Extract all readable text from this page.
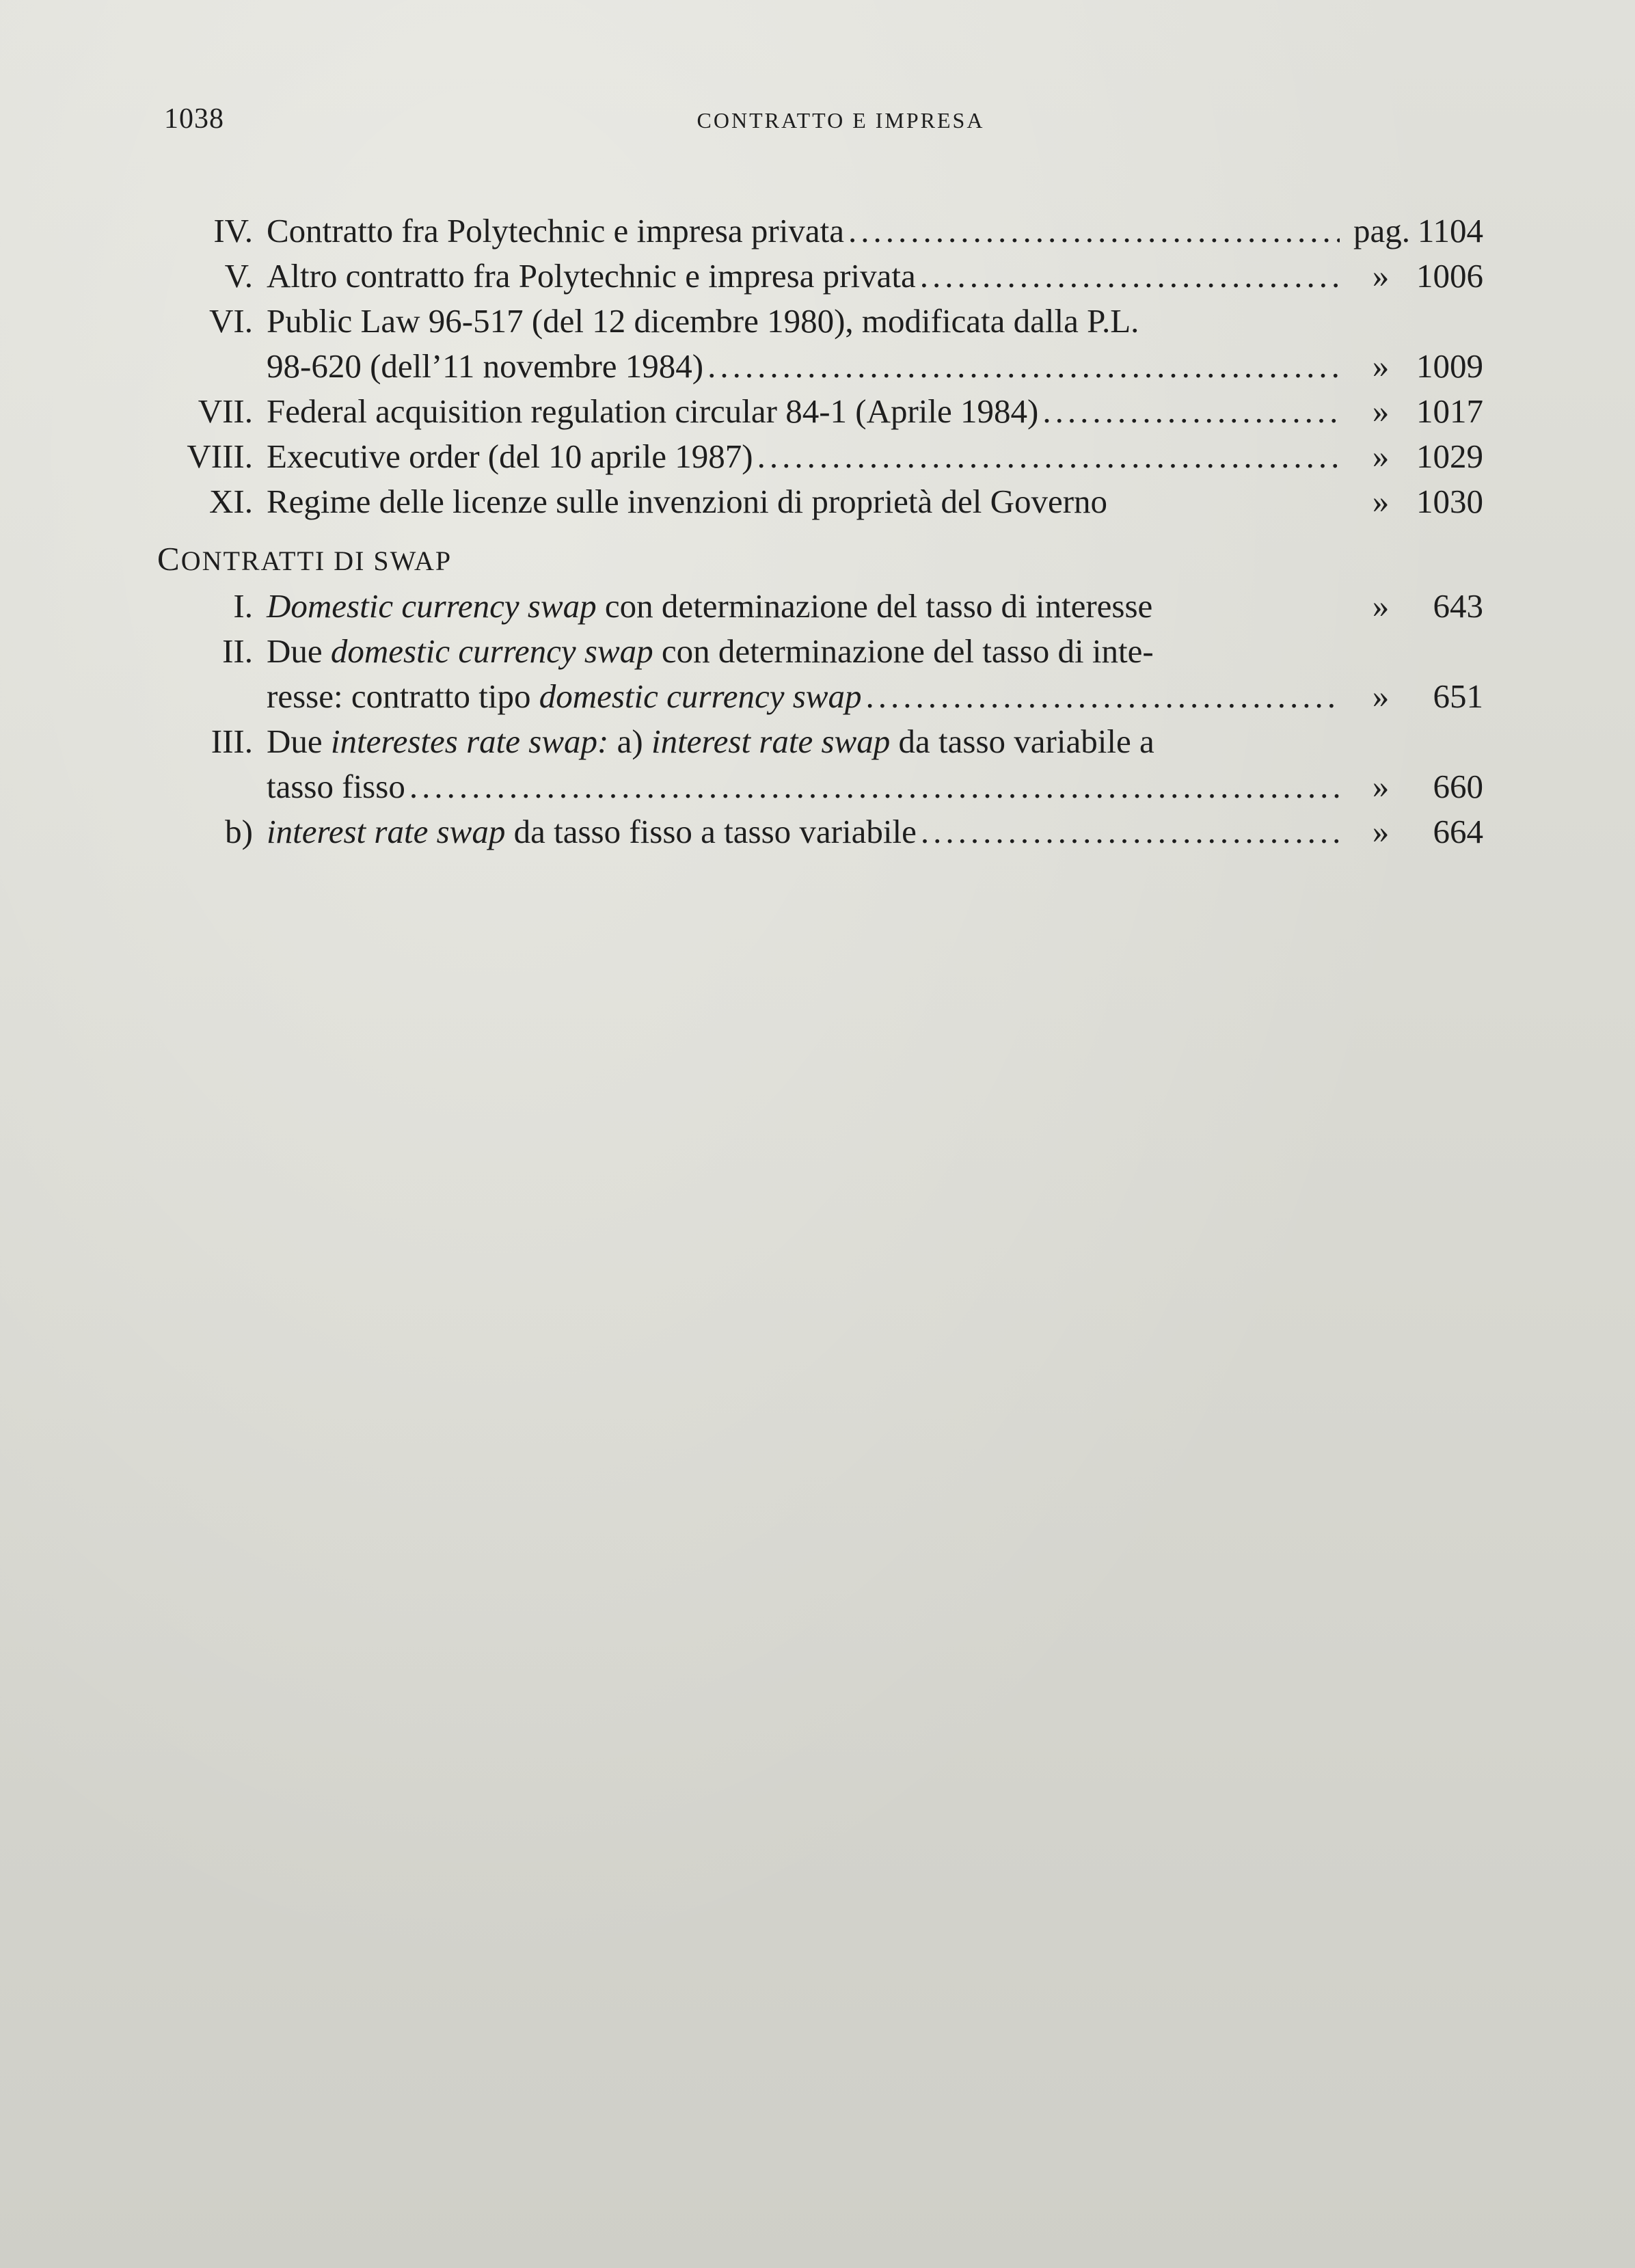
1038	CONTRATTO E IMPRESA
IV. Contratto fra Polytechnic e impresa privata .....	pag. 1104
V. Altro contratto fra Polytechnic e impresa privata .....	» 1006
VI. Public Law 96-517 (del 12 dicembre 1980), modificata dalla P.L.
98-620 (dell’11 novembre 1984) .....	» 1009
VII. Federal acquisition regulation circular 84-1 (Aprile 1984) .....	» 1017
VIII. Executive order (del 10 aprile 1987) .....	» 1029
XI. Regime delle licenze sulle invenzioni di proprietà del Governo	» 1030
CONTRATTI DI SWAP
I. Domestic currency swap con determinazione del tasso di interesse	»	643
II. Due domestic currency swap con determinazione del tasso di inte-
resse: contratto tipo domestic currency swap .....	»	651
III. Due interestes rate swap: a) interest rate swap da tasso variabile a
tasso fisso .....	»	660
b) interest rate swap da tasso fisso a tasso variabile .....	»	664
